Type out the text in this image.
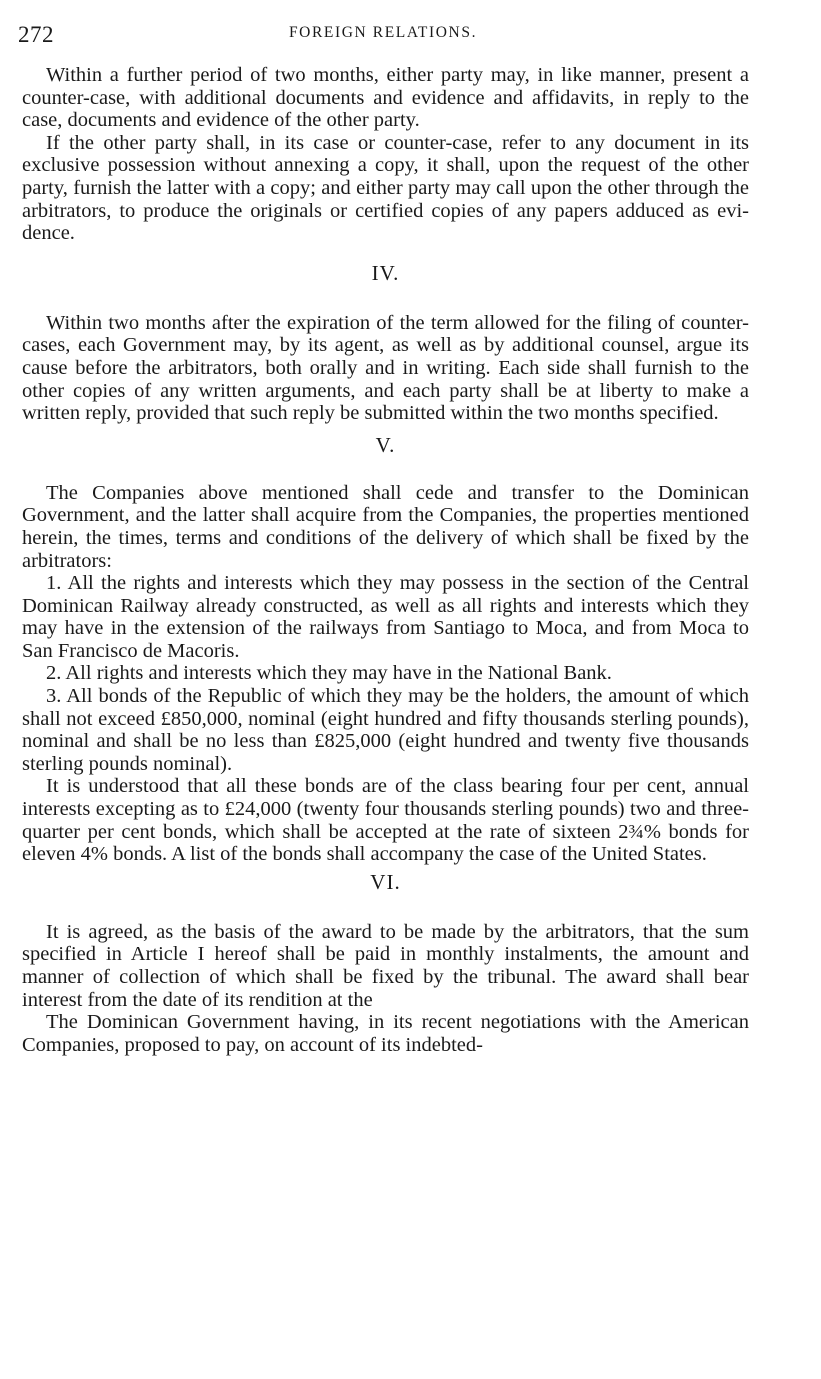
272	FOREIGN RELATIONS.

Within a further period of two months, either party may, in like manner, present a counter-case, with additional documents and evidence and affidavits, in reply to the case, documents and evidence of the other party.

If the other party shall, in its case or counter-case, refer to any document in its exclusive possession without annexing a copy, it shall, upon the request of the other party, furnish the latter with a copy; and either party may call upon the other through the arbitrators, to produce the originals or certified copies of any papers adduced as evidence.

IV.

Within two months after the expiration of the term allowed for the filing of counter-cases, each Government may, by its agent, as well as by additional counsel, argue its cause before the arbitrators, both orally and in writing. Each side shall furnish to the other copies of any written arguments, and each party shall be at liberty to make a written reply, provided that such reply be submitted within the two months specified.

V.

The Companies above mentioned shall cede and transfer to the Dominican Government, and the latter shall acquire from the Companies, the properties mentioned herein, the times, terms and conditions of the delivery of which shall be fixed by the arbitrators:

1. All the rights and interests which they may possess in the section of the Central Dominican Railway already constructed, as well as all rights and interests which they may have in the extension of the railways from Santiago to Moca, and from Moca to San Francisco de Macoris.

2. All rights and interests which they may have in the National Bank.

3. All bonds of the Republic of which they may be the holders, the amount of which shall not exceed £850,000, nominal (eight hundred and fifty thousands sterling pounds), nominal and shall be no less than £825,000 (eight hundred and twenty five thousands sterling pounds nominal).

It is understood that all these bonds are of the class bearing four per cent, annual interests excepting as to £24,000 (twenty four thousands sterling pounds) two and three-quarter per cent bonds, which shall be accepted at the rate of sixteen 2¾% bonds for eleven 4% bonds. A list of the bonds shall accompany the case of the United States.

VI.

It is agreed, as the basis of the award to be made by the arbitrators, that the sum specified in Article I hereof shall be paid in monthly instalments, the amount and manner of collection of which shall be fixed by the tribunal. The award shall bear interest from the date of its rendition at the

The Dominican Government having, in its recent negotiations with the American Companies, proposed to pay, on account of its indebted-
